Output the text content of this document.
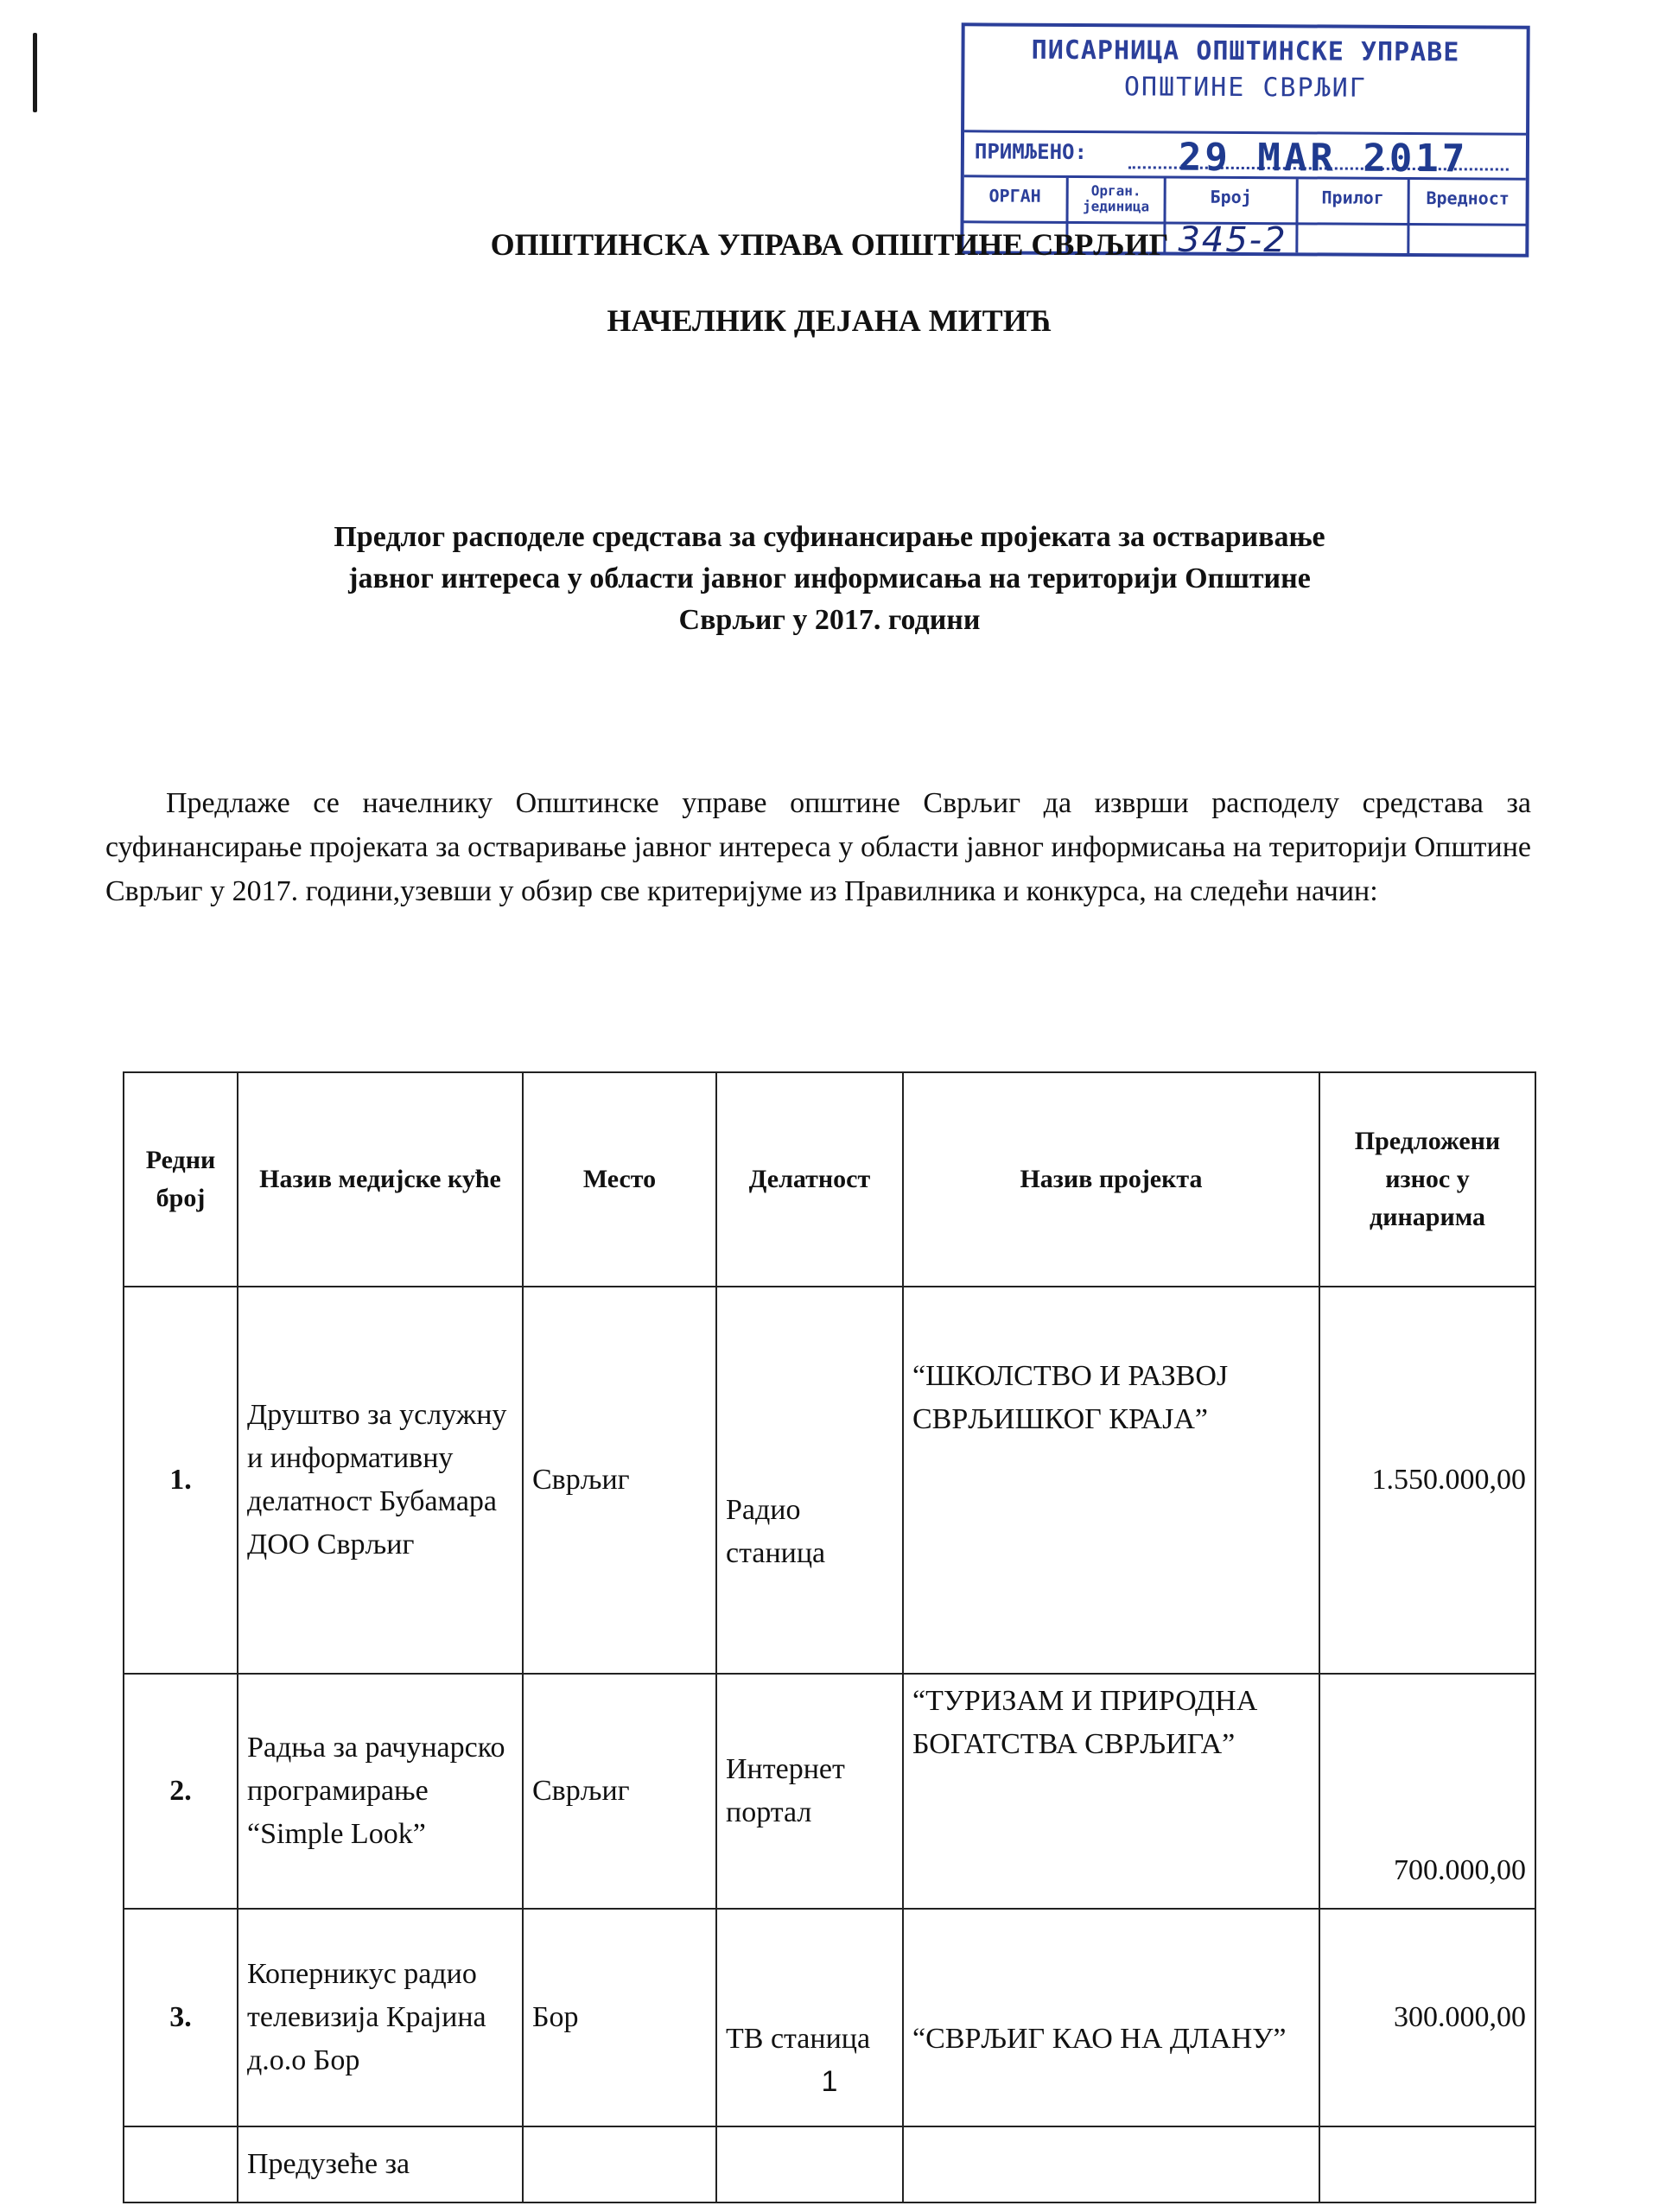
ПИСАРНИЦА ОПШТИНСКЕ УПРАВЕ
ОПШТИНЕ СВРЉИГ
ПРИМЉЕНО: 29 MAR 2017
ОРГАН	Орган. јединица	Број	Прилог	Вредност
345-2
ОПШТИНСКА УПРАВА ОПШТИНЕ СВРЉИГ
НАЧЕЛНИК ДЕЈАНА МИТИЋ
Предлог расподеле средстава за суфинансирање пројеката за остваривање
јавног интереса у области јавног информисања на територији Општине
Сврљиг у 2017. години

Предлаже се начелнику Општинске управе општине Сврљиг да изврши расподелу средстава за суфинансирање пројеката за остваривање јавног интереса у области јавног информисања на територији Општине Сврљиг у 2017. години,узевши у обзир све критеријуме из Правилника и конкурса, на следећи начин:

Редни број	Назив медијске куће	Место	Делатност	Назив пројекта	Предложени износ у динарима
1.	Друштво за услужну и информативну делатност Бубамара ДОО Сврљиг	Сврљиг	Радио станица	“ШКОЛСТВО И РАЗВОЈ СВРЉИШКОГ КРАЈА”	1.550.000,00
2.	Радња за рачунарско програмирање “Simple Look”	Сврљиг	Интернет портал	“ТУРИЗАМ И ПРИРОДНА БОГАТСТВА СВРЉИГА”	700.000,00
3.	Коперникус радио телевизија Крајина д.о.о Бор	Бор	ТВ станица	“СВРЉИГ КАО НА ДЛАНУ”	300.000,00
	Предузеће за				
1
